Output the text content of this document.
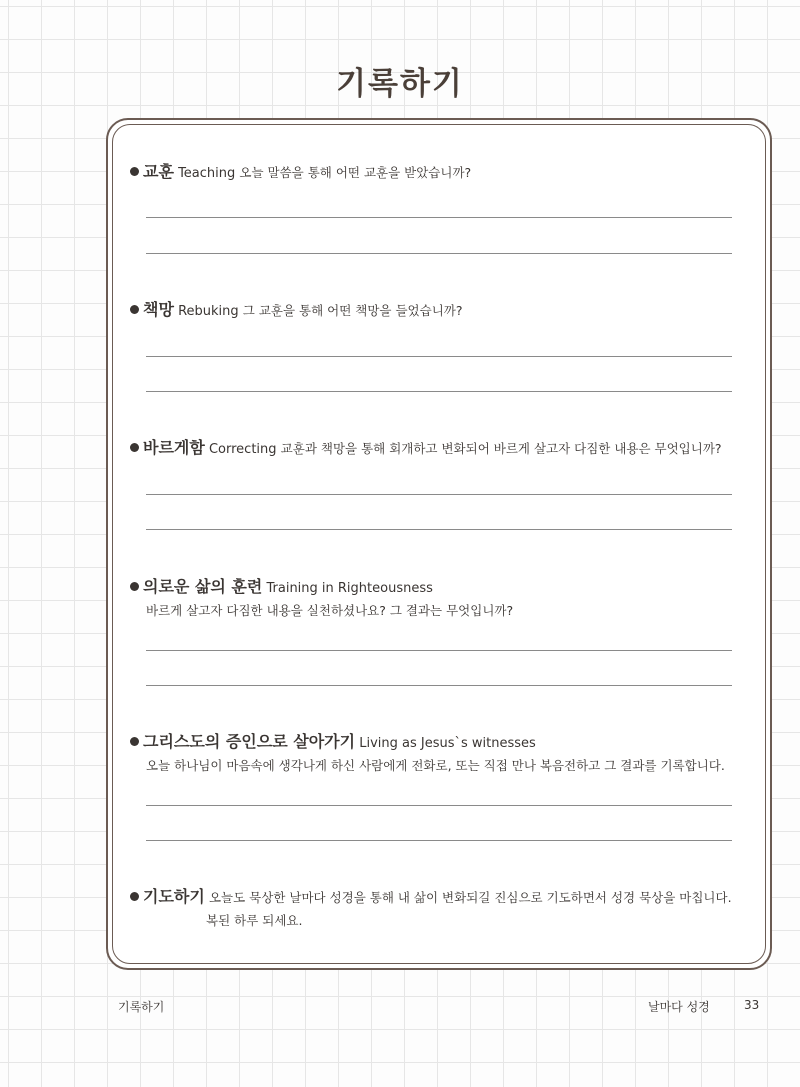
기록하기
교훈 Teaching 오늘 말씀을 통해 어떤 교훈을 받았습니까?
책망 Rebuking 그 교훈을 통해 어떤 책망을 들었습니까?
바르게함 Correcting 교훈과 책망을 통해 회개하고 변화되어 바르게 살고자 다짐한 내용은 무엇입니까?
의로운 삶의 훈련 Training in Righteousness
바르게 살고자 다짐한 내용을 실천하셨나요? 그 결과는 무엇입니까?
그리스도의 증인으로 살아가기 Living as Jesus`s witnesses
오늘 하나님이 마음속에 생각나게 하신 사람에게 전화로, 또는 직접 만나 복음전하고 그 결과를 기록합니다.
기도하기 오늘도 묵상한 날마다 성경을 통해 내 삶이 변화되길 진심으로 기도하면서 성경 묵상을 마칩니다.
복된 하루 되세요.
기록하기	날마다 성경	33
